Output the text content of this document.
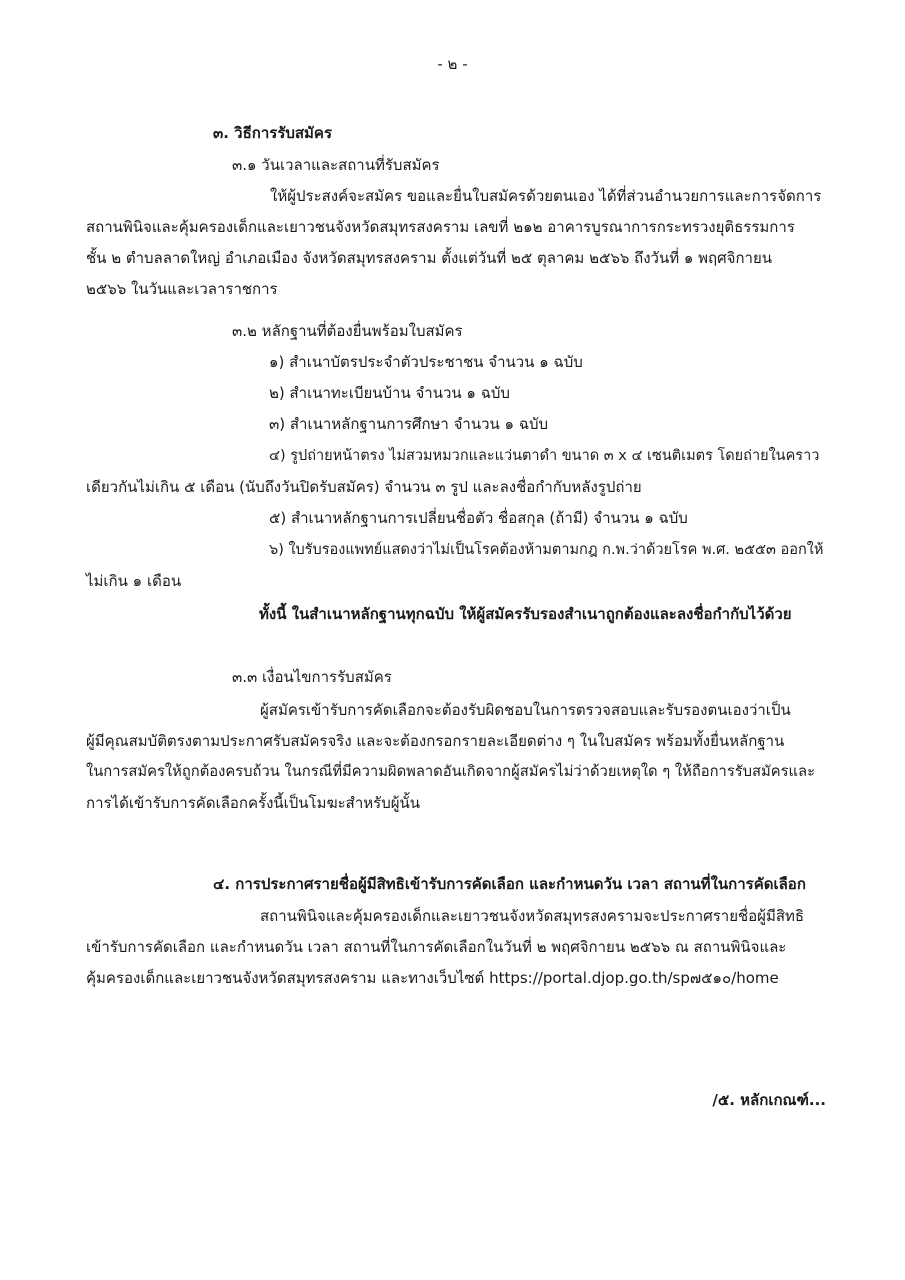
- ๒ -
๓. วิธีการรับสมัคร
๓.๑ วันเวลาและสถานที่รับสมัคร
ให้ผู้ประสงค์จะสมัคร ขอและยื่นใบสมัครด้วยตนเอง ได้ที่ส่วนอำนวยการและการจัดการ
สถานพินิจและคุ้มครองเด็กและเยาวชนจังหวัดสมุทรสงคราม เลขที่ ๒๑๒ อาคารบูรณาการกระทรวงยุติธรรมการ
ชั้น ๒ ตำบลลาดใหญ่ อำเภอเมือง จังหวัดสมุทรสงคราม ตั้งแต่วันที่ ๒๕ ตุลาคม ๒๕๖๖ ถึงวันที่ ๑ พฤศจิกายน
๒๕๖๖ ในวันและเวลาราชการ
๓.๒ หลักฐานที่ต้องยื่นพร้อมใบสมัคร
๑) สำเนาบัตรประจำตัวประชาชน จำนวน ๑ ฉบับ
๒) สำเนาทะเบียนบ้าน จำนวน ๑ ฉบับ
๓) สำเนาหลักฐานการศึกษา จำนวน ๑ ฉบับ
๔) รูปถ่ายหน้าตรง ไม่สวมหมวกและแว่นตาดำ ขนาด ๓ x ๔ เซนติเมตร โดยถ่ายในคราว
เดียวกันไม่เกิน ๕ เดือน (นับถึงวันปิดรับสมัคร) จำนวน ๓ รูป และลงชื่อกำกับหลังรูปถ่าย
๕) สำเนาหลักฐานการเปลี่ยนชื่อตัว ชื่อสกุล (ถ้ามี) จำนวน ๑ ฉบับ
๖) ใบรับรองแพทย์แสดงว่าไม่เป็นโรคต้องห้ามตามกฎ ก.พ.ว่าด้วยโรค พ.ศ. ๒๕๕๓ ออกให้
ไม่เกิน ๑ เดือน
ทั้งนี้ ในสำเนาหลักฐานทุกฉบับ ให้ผู้สมัครรับรองสำเนาถูกต้องและลงชื่อกำกับไว้ด้วย
๓.๓ เงื่อนไขการรับสมัคร
ผู้สมัครเข้ารับการคัดเลือกจะต้องรับผิดชอบในการตรวจสอบและรับรองตนเองว่าเป็น
ผู้มีคุณสมบัติตรงตามประกาศรับสมัครจริง และจะต้องกรอกรายละเอียดต่าง ๆ ในใบสมัคร พร้อมทั้งยื่นหลักฐาน
ในการสมัครให้ถูกต้องครบถ้วน ในกรณีที่มีความผิดพลาดอันเกิดจากผู้สมัครไม่ว่าด้วยเหตุใด ๆ ให้ถือการรับสมัครและ
การได้เข้ารับการคัดเลือกครั้งนี้เป็นโมฆะสำหรับผู้นั้น
๔. การประกาศรายชื่อผู้มีสิทธิเข้ารับการคัดเลือก และกำหนดวัน เวลา สถานที่ในการคัดเลือก
สถานพินิจและคุ้มครองเด็กและเยาวชนจังหวัดสมุทรสงครามจะประกาศรายชื่อผู้มีสิทธิ
เข้ารับการคัดเลือก และกำหนดวัน เวลา สถานที่ในการคัดเลือกในวันที่ ๒ พฤศจิกายน ๒๕๖๖ ณ สถานพินิจและ
คุ้มครองเด็กและเยาวชนจังหวัดสมุทรสงคราม และทางเว็บไซต์ https://portal.djop.go.th/sp๗๕๑๐/home
/๕. หลักเกณฑ์...
